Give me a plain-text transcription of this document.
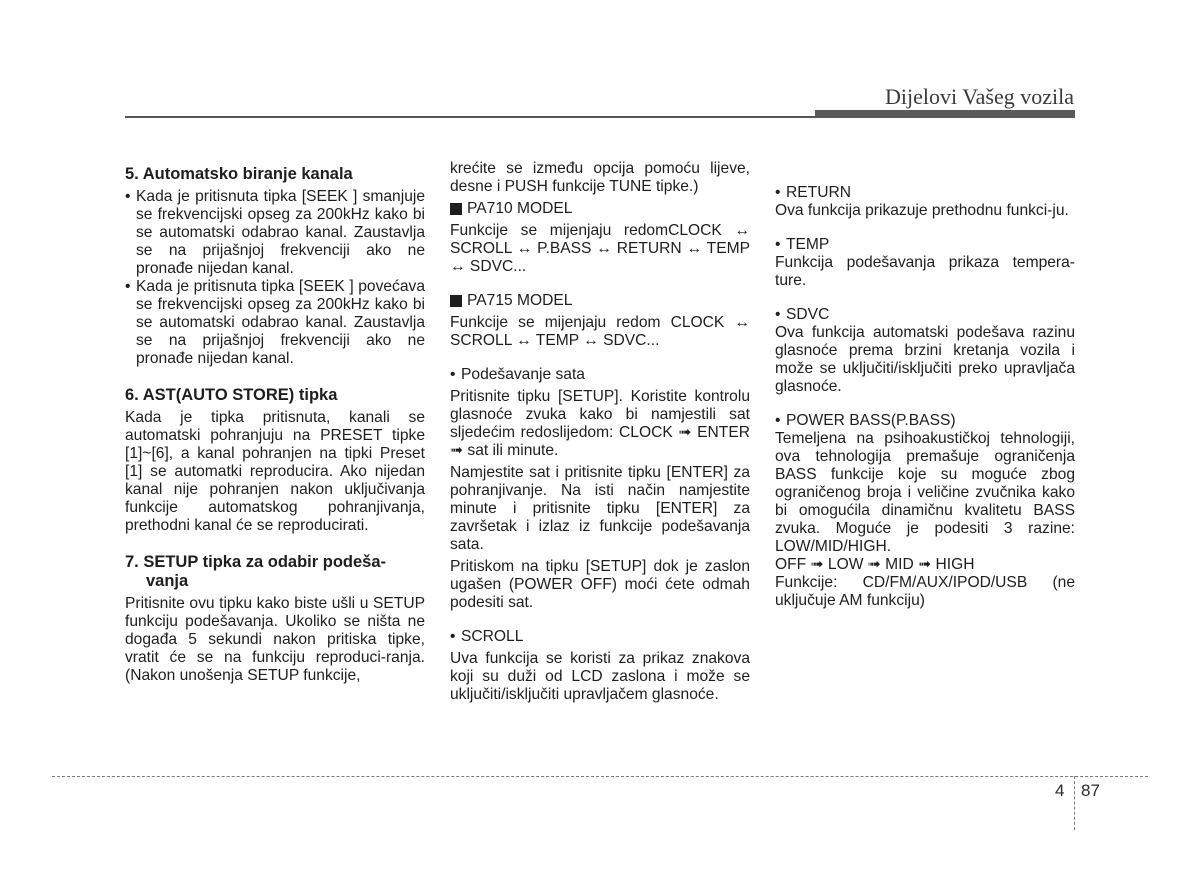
Dijelovi Vašeg vozila
5. Automatsko biranje kanala
• Kada je pritisnuta tipka [SEEK ] smanjuje se frekvencijski opseg za 200kHz kako bi se automatski odabrao kanal. Zaustavlja se na prijašnjoj frekvenciji ako ne pronađe nijedan kanal.
• Kada je pritisnuta tipka [SEEK ] povećava se frekvencijski opseg za 200kHz kako bi se automatski odabrao kanal. Zaustavlja se na prijašnjoj frekvenciji ako ne pronađe nijedan kanal.
6. AST(AUTO STORE) tipka

Kada je tipka pritisnuta, kanali se automatski pohranjuju na PRESET tipke [1]~[6], a kanal pohranjen na tipki Preset [1] se automatki reproducira. Ako nijedan kanal nije pohranjen nakon uključivanja funkcije automatskog pohranjivanja, prethodni kanal će se reproducirati.

7. SETUP tipka za odabir podeša-vanja

Pritisnite ovu tipku kako biste ušli u SETUP funkciju podešavanja. Ukoliko se ništa ne događa 5 sekundi nakon pritiska tipke, vratit će se na funkciju reproduci-ranja. (Nakon unošenja SETUP funkcije,

krećite se između opcija pomoću lijeve, desne i PUSH funkcije TUNE tipke.)

PA710 MODEL

Funkcije se mijenjaju redomCLOCK ↔ SCROLL ↔ P.BASS ↔ RETURN ↔ TEMP ↔ SDVC...

PA715 MODEL

Funkcije se mijenjaju redom CLOCK ↔ SCROLL ↔ TEMP ↔ SDVC...

• Podešavanje sata

Pritisnite tipku [SETUP]. Koristite kontrolu glasnoće zvuka kako bi namjestili sat sljedećim redoslijedom: CLOCK ➟ ENTER ➟ sat ili minute.

Namjestite sat i pritisnite tipku [ENTER] za pohranjivanje. Na isti način namjestite minute i pritisnite tipku [ENTER] za završetak i izlaz iz funkcije podešavanja sata.

Pritiskom na tipku [SETUP] dok je zaslon ugašen (POWER OFF) moći ćete odmah podesiti sat.

• SCROLL

Uva funkcija se koristi za prikaz znakova koji su duži od LCD zaslona i može se uključiti/isključiti upravljačem glasnoće.

• RETURN

Ova funkcija prikazuje prethodnu funkci-ju.

• TEMP

Funkcija podešavanja prikaza tempera-ture.

• SDVC

Ova funkcija automatski podešava razinu glasnoće prema brzini kretanja vozila i može se uključiti/isključiti preko upravljača glasnoće.

• POWER BASS(P.BASS)

Temeljena na psihoakustičkoj tehnologiji, ova tehnologija premašuje ograničenja BASS funkcije koje su moguće zbog ograničenog broja i veličine zvučnika kako bi omogućila dinamičnu kvalitetu BASS zvuka. Moguće je podesiti 3 razine: LOW/MID/HIGH.

OFF ➟ LOW ➟ MID ➟ HIGH

Funkcije: CD/FM/AUX/IPOD/USB (ne uključuje AM funkciju)

4 87
